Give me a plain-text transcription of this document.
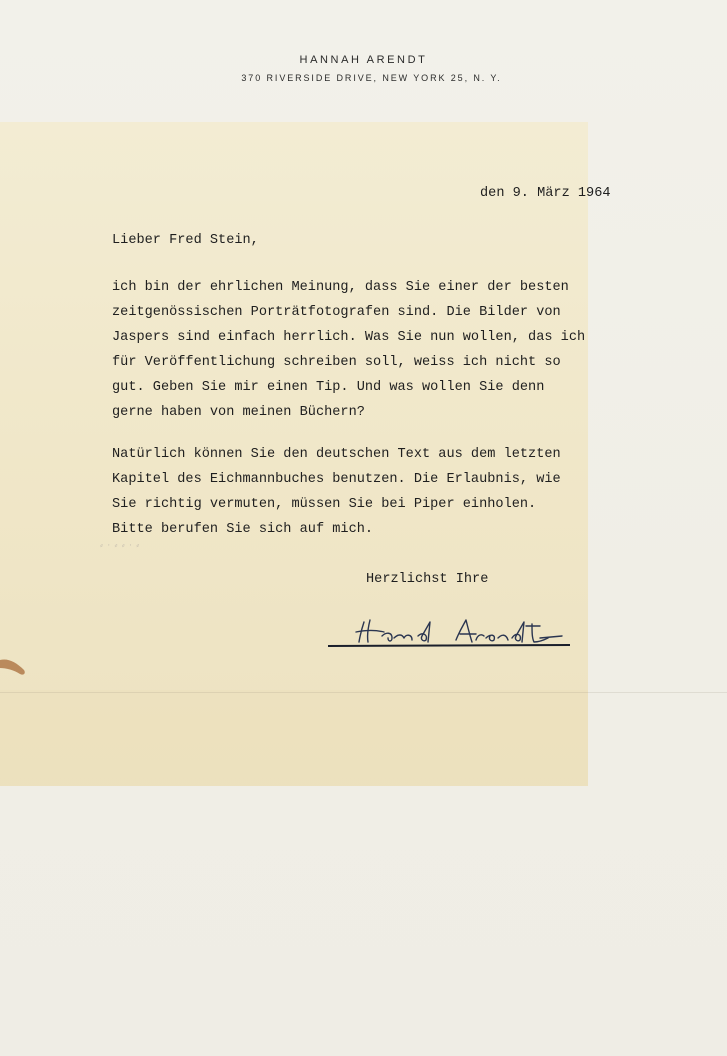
HANNAH ARENDT
370 RIVERSIDE DRIVE, NEW YORK 25, N. Y.
den 9. März 1964
Lieber Fred Stein,
ich bin der ehrlichen Meinung, dass Sie einer der besten
zeitgenössischen Porträtfotografen sind. Die Bilder von
Jaspers sind einfach herrlich. Was Sie nun wollen, das ich
für Veröffentlichung schreiben soll, weiss ich nicht so
gut. Geben Sie mir einen Tip. Und was wollen Sie denn
gerne haben von meinen Büchern?
Natürlich können Sie den deutschen Text aus dem letzten
Kapitel des Eichmannbuches benutzen. Die Erlaubnis, wie
Sie richtig vermuten, müssen Sie bei Piper einholen.
Bitte berufen Sie sich auf mich.
Herzlichst Ihre
⸗ · ⸗ ⸗ · ⸗
